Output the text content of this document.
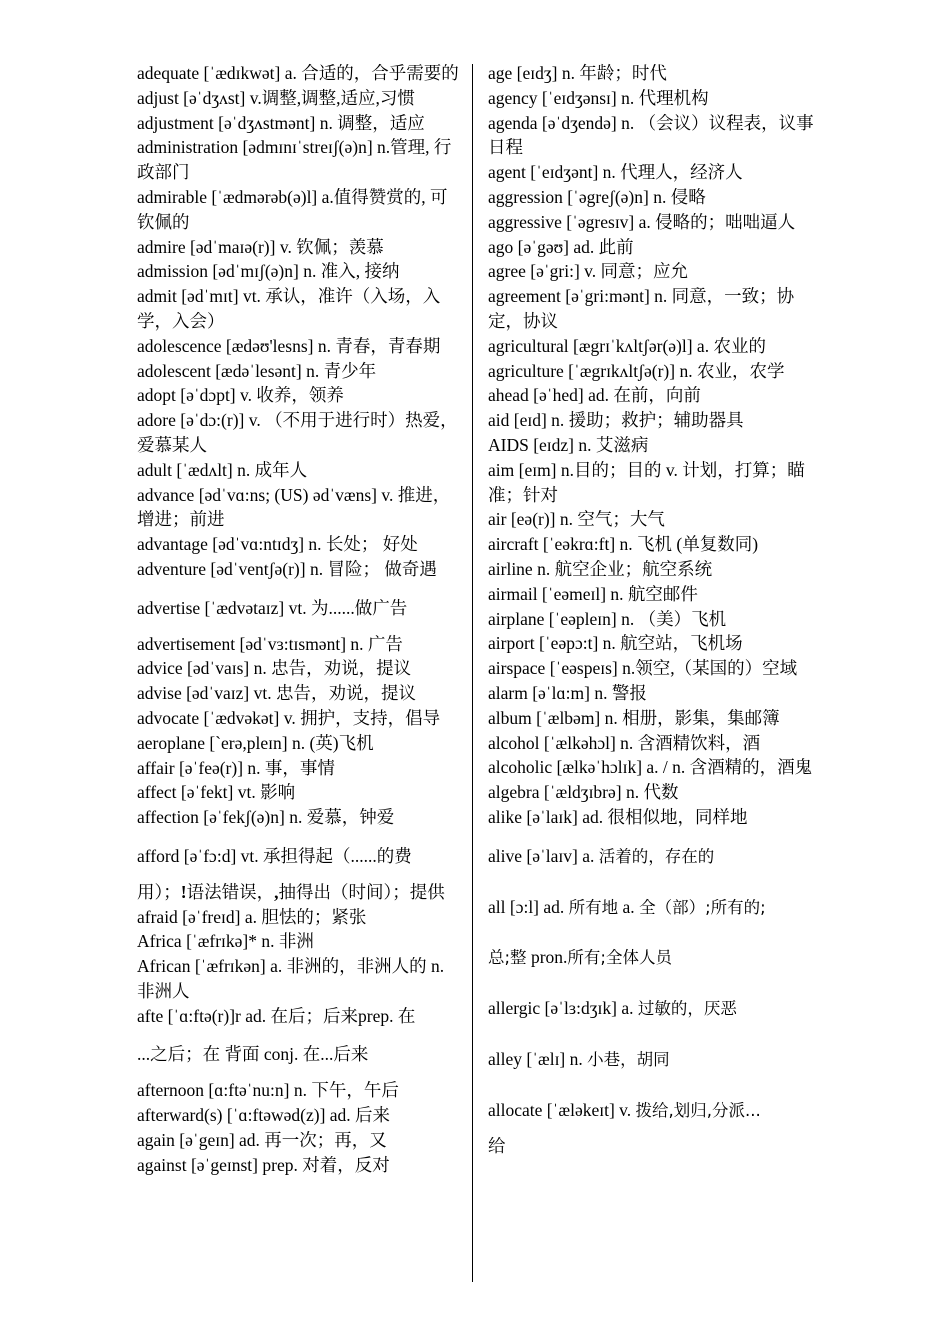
adequate [ˈædɪkwət] a. 合适的，合乎需要的

adjust [əˈdʒʌst] v.调整,调整,适应,习惯

adjustment [əˈdʒʌstmənt] n. 调整，适应

administration [ədmɪnɪˈstreɪʃ(ə)n] n.管理, 行政部门

admirable [ˈædmərəb(ə)l] a.值得赞赏的, 可钦佩的

admire [ədˈmaɪə(r)] v. 钦佩；羡慕

admission [ədˈmɪʃ(ə)n] n. 准入, 接纳

admit [ədˈmɪt] vt. 承认，准许（入场，入学，入会）

adolescence [ædəʊ'lesns] n. 青春，青春期

adolescent [ædəˈlesənt] n. 青少年

adopt [əˈdɔpt] v. 收养，领养

adore [əˈdɔ:(r)] v. （不用于进行时）热爱，爱慕某人

adult [ˈædʌlt] n. 成年人

advance [ədˈvɑ:ns; (US) ədˈvæns] v. 推进，增进；前进

advantage [ədˈvɑ:ntɪdʒ] n. 长处； 好处

adventure [ədˈventʃə(r)] n. 冒险； 做奇遇

advertise [ˈædvətaɪz] vt. 为......做广告

advertisement [ədˈvɜ:tɪsmənt] n. 广告

advice [ədˈvaɪs] n. 忠告，劝说，提议

advise [ədˈvaɪz] vt. 忠告，劝说，提议

advocate [ˈædvəkət] v. 拥护，支持，倡导

aeroplane [`erə,pleɪn] n. (英)飞机

affair [əˈfeə(r)] n. 事，事情

affect [əˈfekt] vt. 影响

affection [əˈfekʃ(ə)n] n. 爱慕，钟爱

afford [əˈfɔ:d] vt. 承担得起（......的费

用）；!语法错误，,抽得出（时间）；提供

afraid [əˈfreɪd] a. 胆怯的；紧张

Africa [ˈæfrɪkə]* n. 非洲

African [ˈæfrɪkən] a. 非洲的，非洲人的 n. 非洲人

afte [ˈɑ:ftə(r)]r ad. 在后；后来prep. 在

...之后；在 背面 conj. 在...后来

afternoon [ɑ:ftəˈnu:n] n. 下午，午后

afterward(s) [ˈɑ:ftəwəd(z)] ad. 后来

again [əˈgeɪn] ad. 再一次；再，又

against [əˈgeɪnst] prep. 对着，反对

age [eɪdʒ] n. 年龄；时代

agency [ˈeɪdʒənsɪ] n. 代理机构

agenda [əˈdʒendə] n. （会议）议程表，议事日程

agent [ˈeɪdʒənt] n. 代理人，经济人

aggression [ˈəgreʃ(ə)n] n. 侵略

aggressive [ˈəgresɪv] a. 侵略的；咄咄逼人

ago [əˈgəʊ] ad. 此前

agree [əˈgri:] v. 同意；应允

agreement [əˈgri:mənt] n. 同意，一致；协定，协议

agricultural [ægrɪˈkʌltʃər(ə)l] a. 农业的

agriculture [ˈægrɪkʌltʃə(r)] n. 农业，农学

ahead [əˈhed] ad. 在前，向前

aid [eɪd] n. 援助；救护；辅助器具

AIDS [eɪdz] n. 艾滋病

aim [eɪm] n.目的；目的 v. 计划，打算；瞄准；针对

air [eə(r)] n. 空气；大气

aircraft [ˈeəkrɑ:ft] n. 飞机 (单复数同)

airline n. 航空企业；航空系统

airmail [ˈeəmeɪl] n. 航空邮件

airplane [ˈeəpleɪn] n. （美）飞机

airport [ˈeəpɔ:t] n. 航空站，飞机场

airspace [ˈeəspeɪs] n.领空,（某国的）空域

alarm [əˈlɑ:m] n. 警报

album [ˈælbəm] n. 相册，影集，集邮簿

alcohol [ˈælkəhɔl] n. 含酒精饮料，酒

alcoholic [ælkəˈhɔlɪk] a. / n. 含酒精的，酒鬼

algebra [ˈældʒɪbrə] n. 代数

alike [əˈlaɪk] ad. 很相似地，同样地

alive [əˈlaɪv] a. 活着的，存在的

all [ɔ:l] ad. 所有地 a. 全（部）;所有的;

总;整 pron.所有;全体人员

allergic [əˈlɜ:dʒɪk] a. 过敏的，厌恶

alley [ˈælɪ] n. 小巷，胡同

allocate [ˈæləkeɪt] v. 拨给,划归,分派...

给
